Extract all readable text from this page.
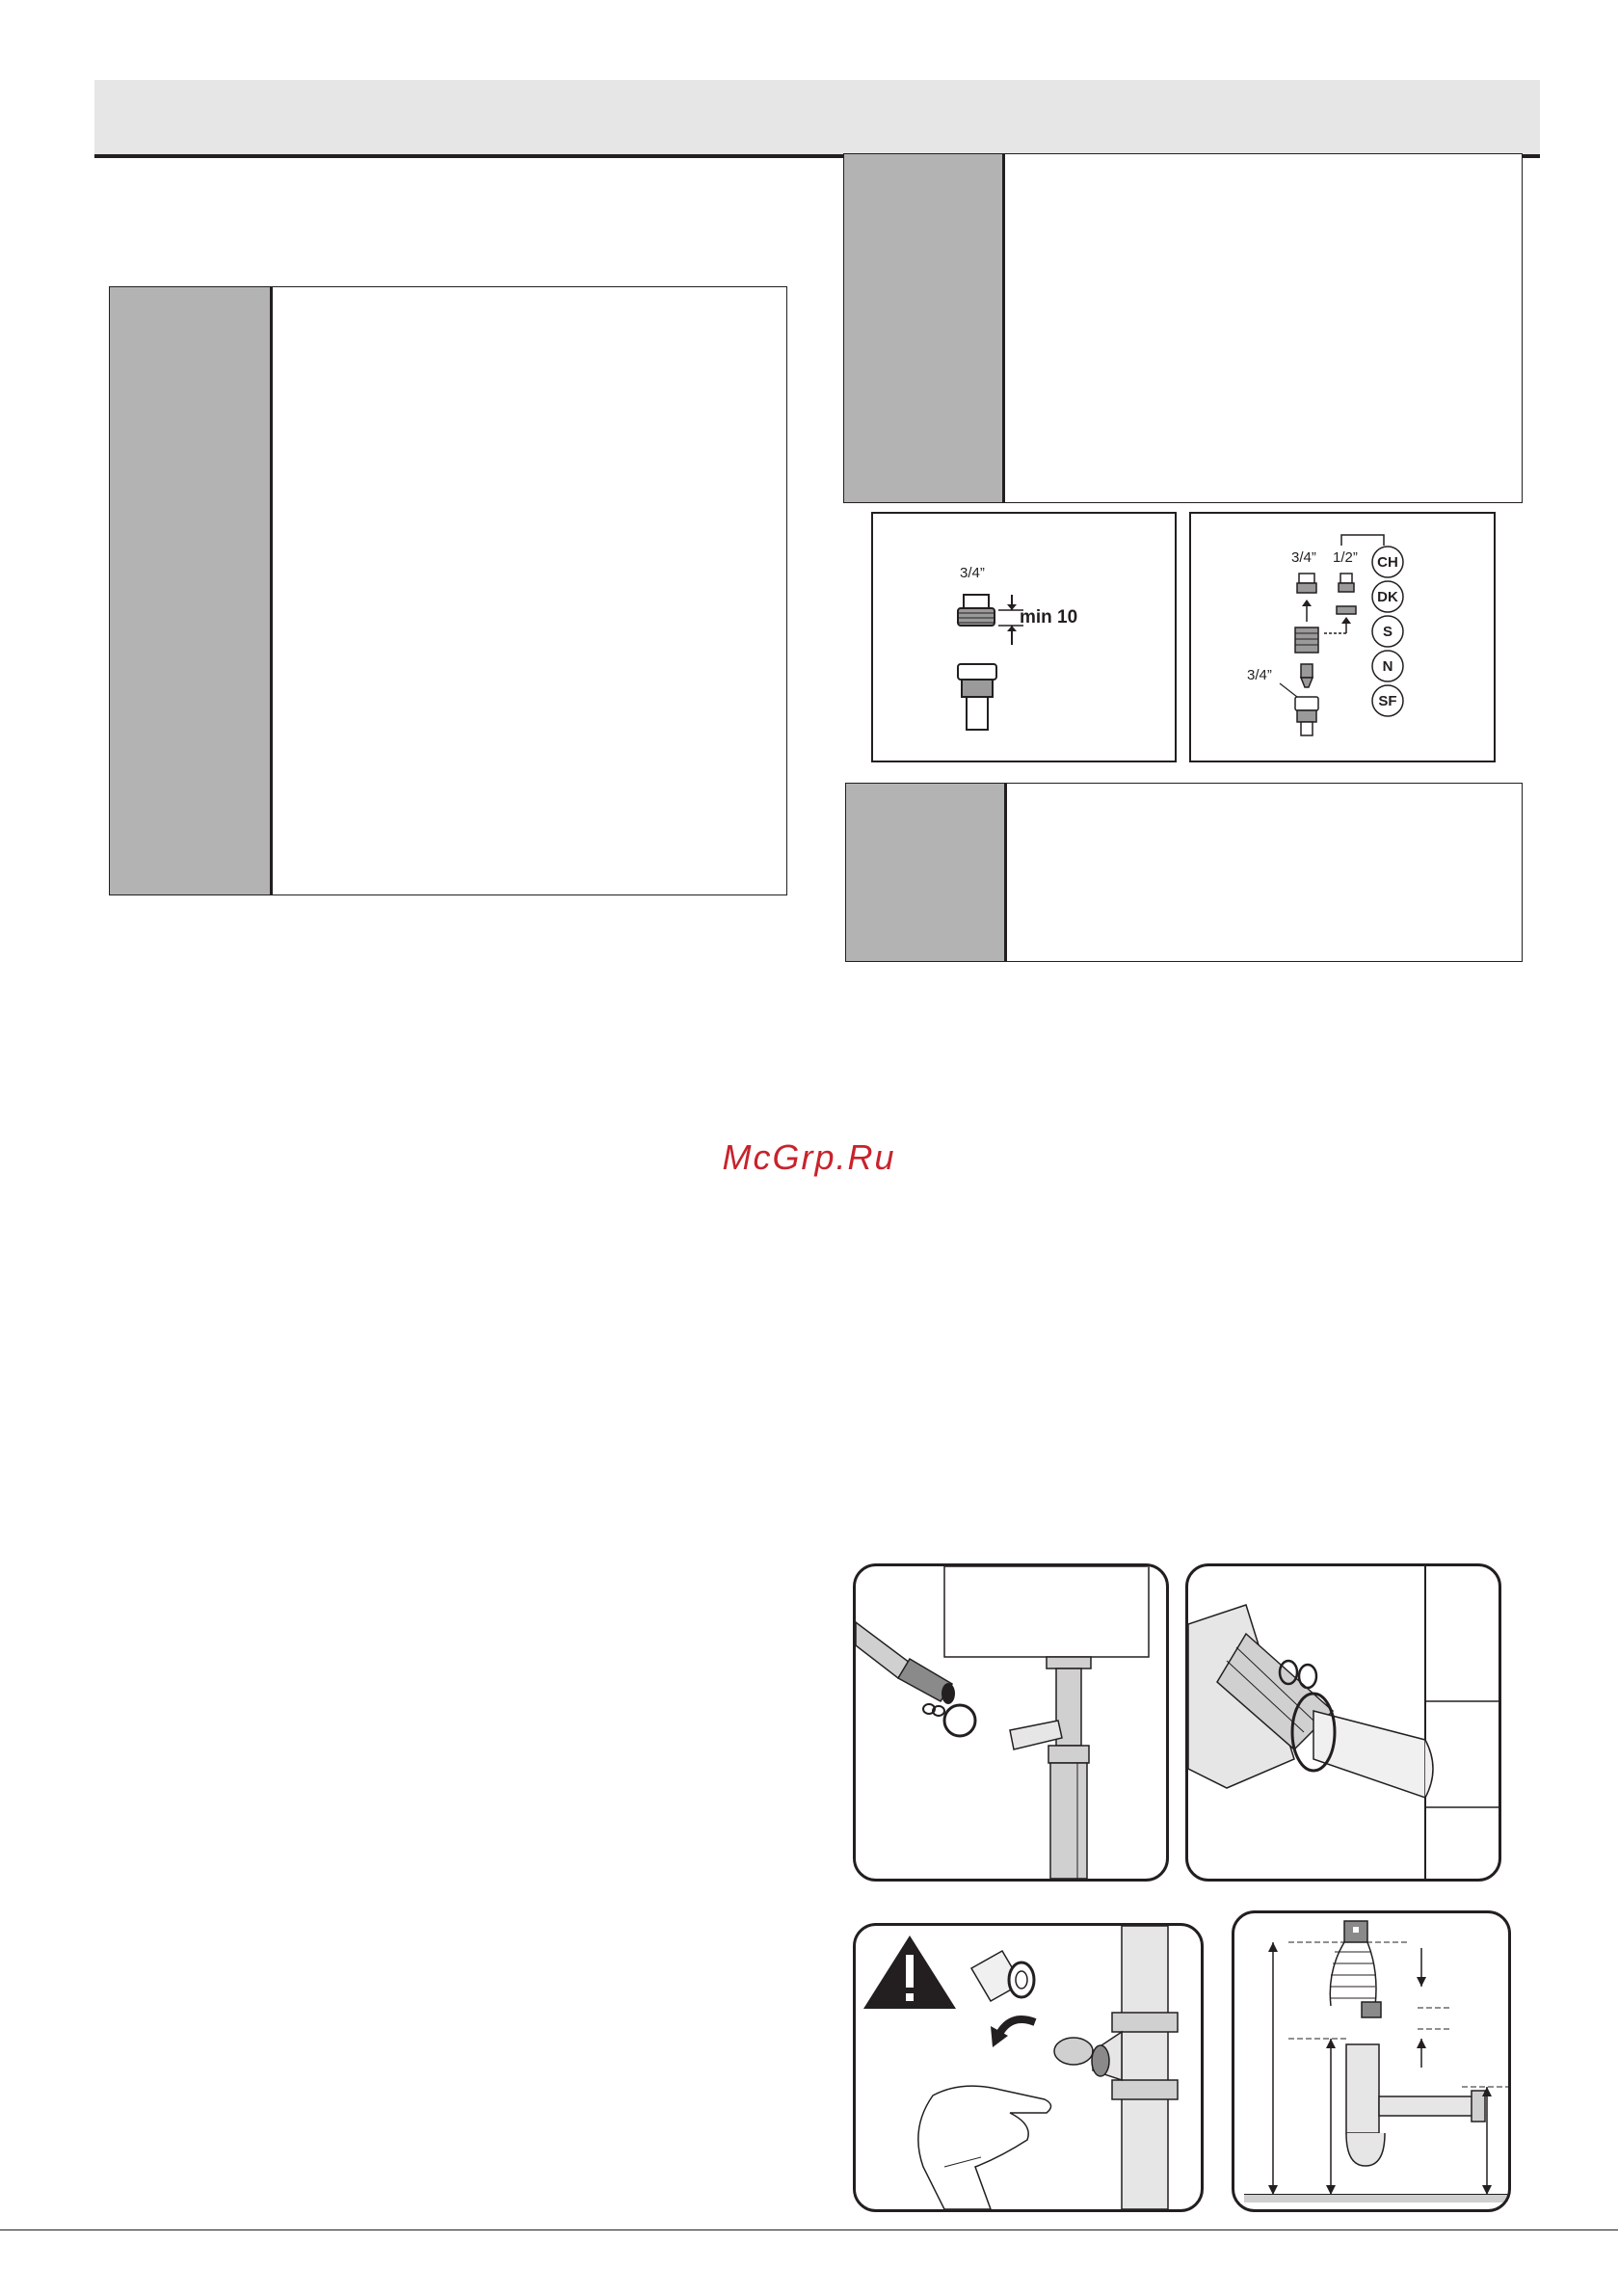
3/4”
min 10
3/4” 1/2”
3/4”
CH
DK
S
N
SF
McGrp.Ru
